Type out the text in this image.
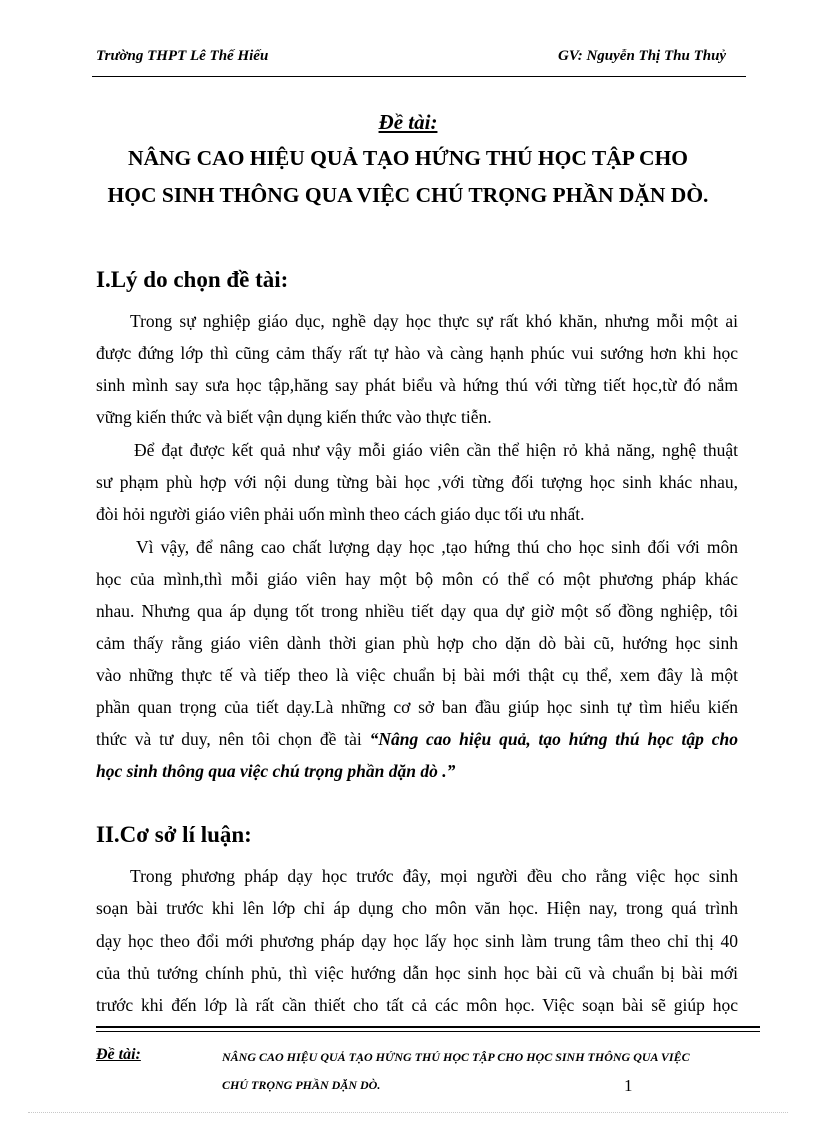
Trường THPT Lê Thế Hiếu	GV: Nguyễn Thị Thu Thuỷ
Đề tài:
NÂNG CAO HIỆU QUẢ TẠO HỨNG THÚ HỌC TẬP CHO
HỌC SINH THÔNG QUA VIỆC CHÚ TRỌNG PHẦN DẶN DÒ.
I.Lý do chọn đề tài:
Trong sự nghiệp giáo dục, nghề dạy học thực sự rất khó khăn, nhưng mỗi một ai
được đứng lớp thì cũng cảm thấy rất tự hào và càng hạnh phúc vui sướng hơn khi học
sinh mình say sưa học tập,hăng say phát biểu và hứng thú với từng tiết học,từ đó nắm
vững kiến thức và biết vận dụng kiến thức vào thực tiễn.
Để đạt được kết quả như vậy mỗi giáo viên cần thể hiện rỏ khả năng, nghệ thuật
sư phạm phù hợp với nội dung từng bài học ,với từng đối tượng học sinh khác nhau,
đòi hỏi người giáo viên phải uốn mình theo cách giáo dục tối ưu nhất.
Vì vậy, để nâng cao chất lượng dạy học ,tạo hứng thú cho học sinh đối với môn
học của mình,thì mỗi giáo viên hay một bộ môn có thể có một phương pháp khác
nhau. Nhưng qua áp dụng tốt trong nhiều tiết dạy qua dự giờ một số đồng nghiệp, tôi
cảm thấy rằng giáo viên dành thời gian phù hợp cho dặn dò bài cũ, hướng học sinh
vào những thực tế và tiếp theo là việc chuẩn bị bài mới thật cụ thể, xem đây là một
phần quan trọng của tiết dạy.Là những cơ sở ban đầu giúp học sinh tự tìm hiểu kiến
thức và tư duy, nên tôi chọn đề tài “Nâng cao hiệu quả, tạo hứng thú học tập cho
học sinh thông qua việc chú trọng phần dặn dò .”
II.Cơ sở lí luận:
Trong phương pháp dạy học trước đây, mọi người đều cho rằng việc học sinh
soạn bài trước khi lên lớp chỉ áp dụng cho môn văn học. Hiện nay, trong quá trình
dạy học theo đổi mới phương pháp dạy học lấy học sinh làm trung tâm theo chỉ thị 40
của thủ tướng chính phủ, thì việc hướng dẫn học sinh học bài cũ và chuẩn bị bài mới
trước khi đến lớp là rất cần thiết cho tất cả các môn học. Việc soạn bài sẽ giúp học
Đề tài:	NÂNG CAO HIỆU QUẢ TẠO HỨNG THÚ HỌC TẬP CHO HỌC SINH THÔNG QUA VIỆC
CHÚ TRỌNG PHẦN DẶN DÒ.	1
